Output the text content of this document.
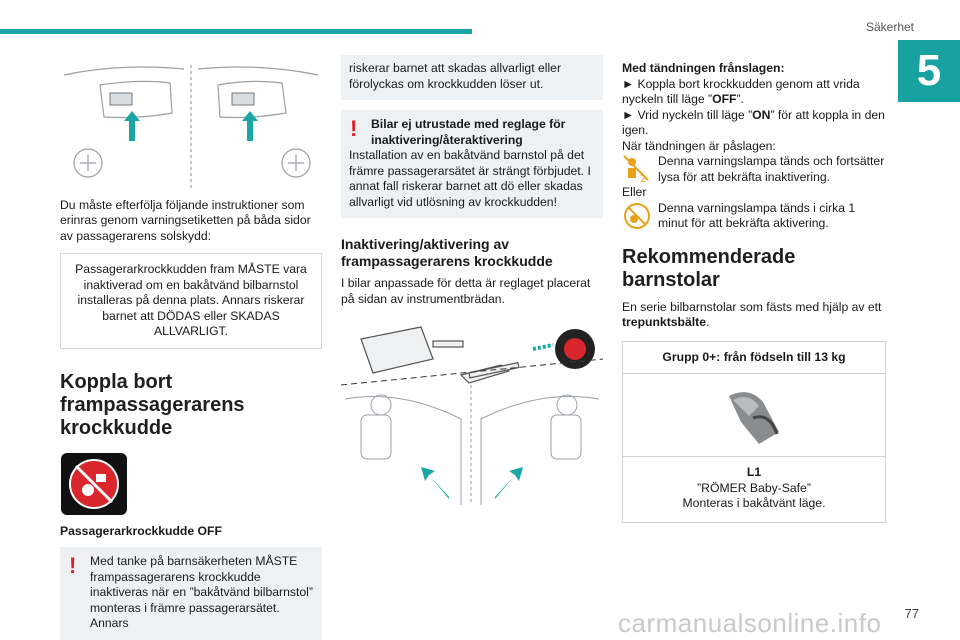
Säkerhet
5

Du måste efterfölja följande instruktioner som erinras genom varningsetiketten på båda sidor av passagerarens solskydd:

Passagerarkrockkudden fram MÅSTE vara inaktiverad om en bakåtvänd bilbarnstol installeras på denna plats. Annars riskerar barnet att DÖDAS eller SKADAS ALLVARLIGT.
Koppla bort frampassagerarens krockkudde

Passagerarkrockkudde OFF

!	Med tanke på barnsäkerheten MÅSTE frampassagerarens krockkudde inaktiveras när en ”bakåtvänd bilbarnstol” monteras i främre passagerarsätet. Annars

riskerar barnet att skadas allvarligt eller förolyckas om krockkudden löser ut.

!	Bilar ej utrustade med reglage för inaktivering/återaktivering

Installation av en bakåtvänd barnstol på det främre passagerarsätet är strängt förbjudet. I annat fall riskerar barnet att dö eller skadas allvarligt vid utlösning av krockkudden!

Inaktivering/aktivering av frampassagerarens krockkudde

I bilar anpassade för detta är reglaget placerat på sidan av instrumentbrädan.

Med tändningen frånslagen:

► Koppla bort krockkudden genom att vrida nyckeln till läge ”OFF”.

► Vrid nyckeln till läge ”ON” för att koppla in den igen.

När tändningen är påslagen:

2

Denna varningslampa tänds och fortsätter lysa för att bekräfta inaktivering.

Eller

Denna varningslampa tänds i cirka 1 minut för att bekräfta aktivering.

Rekommenderade barnstolar

En serie bilbarnstolar som fästs med hjälp av ett trepunktsbälte.

Grupp 0+: från födseln till 13 kg

L1

”RÖMER Baby-Safe”

Monteras i bakåtvänt läge.

carmanualsonline.info 77
